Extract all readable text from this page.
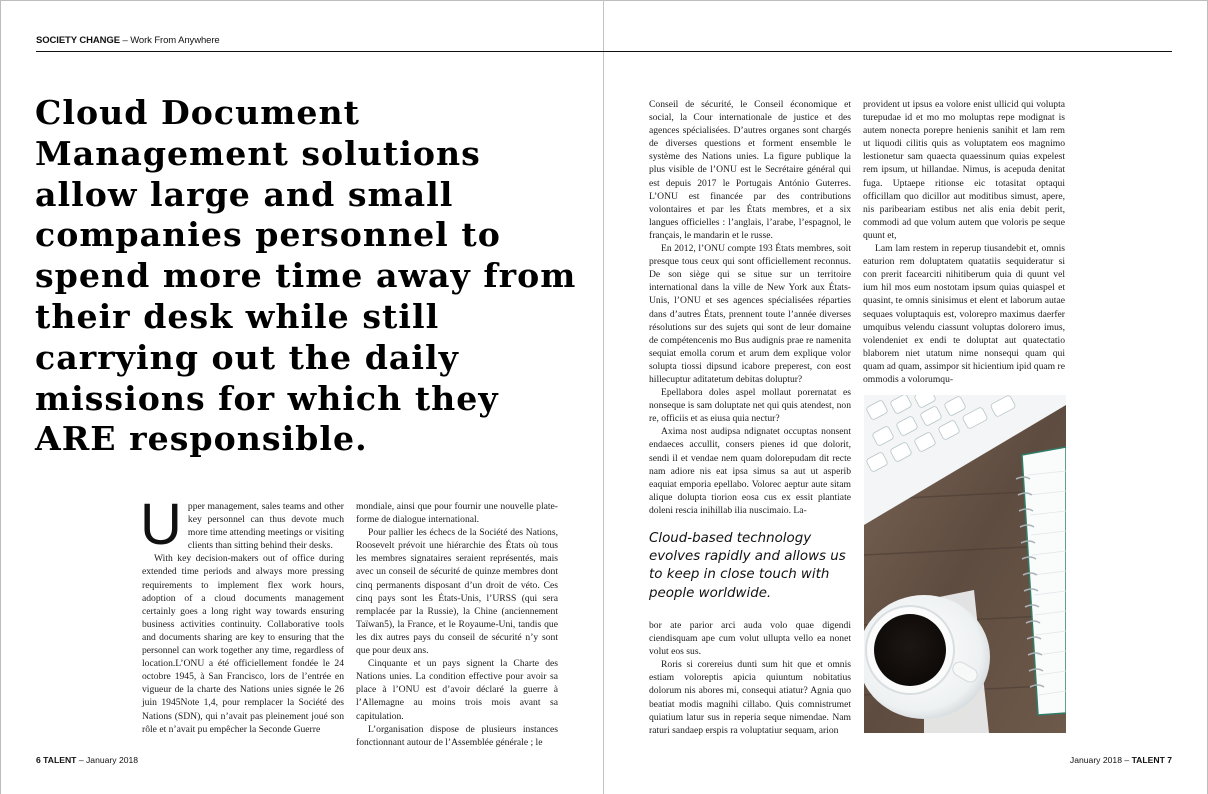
SOCIETY CHANGE – Work From Anywhere
Cloud Document Management solutions allow large and small companies personnel to spend more time away from their desk while still carrying out the daily missions for which they ARE responsible.

Upper management, sales teams and other key personnel can thus devote much more time attending meetings or visiting clients than sitting behind their desks.

With key decision-makers out of office during extended time periods and always more pressing requirements to implement flex work hours, adoption of a cloud documents management certainly goes a long right way towards ensuring business activities continuity. Collaborative tools and documents sharing are key to ensuring that the personnel can work together any time, regardless of location.L’ONU a été officiellement fondée le 24 octobre 1945, à San Francisco, lors de l’entrée en vigueur de la charte des Nations unies signée le 26 juin 1945Note 1,4, pour remplacer la Société des Nations (SDN), qui n’avait pas pleinement joué son rôle et n’avait pu empêcher la Seconde Guerre

mondiale, ainsi que pour fournir une nouvelle plate-forme de dialogue international.

Pour pallier les échecs de la Société des Nations, Roosevelt prévoit une hiérarchie des États où tous les membres signataires seraient représentés, mais avec un conseil de sécurité de quinze membres dont cinq permanents disposant d’un droit de véto. Ces cinq pays sont les États-Unis, l’URSS (qui sera remplacée par la Russie), la Chine (anciennement Taïwan5), la France, et le Royaume-Uni, tandis que les dix autres pays du conseil de sécurité n’y sont que pour deux ans.

Cinquante et un pays signent la Charte des Nations unies. La condition effective pour avoir sa place à l’ONU est d’avoir déclaré la guerre à l’Allemagne au moins trois mois avant sa capitulation.

L’organisation dispose de plusieurs instances fonctionnant autour de l’Assemblée générale ; le

Conseil de sécurité, le Conseil économique et social, la Cour internationale de justice et des agences spécialisées. D’autres organes sont chargés de diverses questions et forment ensemble le système des Nations unies. La figure publique la plus visible de l’ONU est le Secrétaire général qui est depuis 2017 le Portugais António Guterres. L’ONU est financée par des contributions volontaires et par les États membres, et a six langues officielles : l’anglais, l’arabe, l’espagnol, le français, le mandarin et le russe.

En 2012, l’ONU compte 193 États membres, soit presque tous ceux qui sont officiellement reconnus. De son siège qui se situe sur un territoire international dans la ville de New York aux États-Unis, l’ONU et ses agences spécialisées réparties dans d’autres États, prennent toute l’année diverses résolutions sur des sujets qui sont de leur domaine de compétencenis mo Bus audignis prae re namenita sequiat emolla corum et arum dem explique volor solupta tiossi dipsund icabore preperest, con eost hillecuptur aditatetum debitas doluptur?

Epellabora doles aspel mollaut porernatat es nonseque is sam doluptate net qui quis atendest, non re, officiis et as eiusa quia nectur?

Axima nost audipsa ndignatet occuptas nonsent endaeces accullit, consers pienes id que dolorit, sendi il et vendae nem quam dolorepudam dit recte nam adiore nis eat ipsa simus sa aut ut asperib eaquiat emporia epellabo. Volorec aeptur aute sitam alique dolupta tiorion eosa cus ex essit plantiate doleni rescia inihillab ilia nuscimaio. La-

Cloud-based technology evolves rapidly and allows us to keep in close touch with people worldwide.

bor ate parior arci auda volo quae digendi ciendisquam ape cum volut ullupta vello ea nonet volut eos sus.

Roris si corereius dunti sum hit que et omnis estiam voloreptis apicia quiuntum nobitatius dolorum nis abores mi, consequi atiatur? Agnia quo beatiat modis magnihi cillabo. Quis comnistrumet quiatium latur sus in reperia seque nimendae. Nam raturi sandaep erspis ra voluptatiur sequam, arion

provident ut ipsus ea volore enist ullicid qui voluptа turepudae id et mo mo moluptas repe modignat is autem nonecta porepre henienis sanihit et lam rem ut liquodi cilitis quis as voluptatem eos magnimo lestionetur sam quaecta quaessinum quias expelest rem ipsum, ut hillandae. Nimus, is acepuda denitat fuga. Uptaepe ritionse eic totasitat optaqui officillam quo dicillor aut moditibus simust, apere, nis paribeariam estibus net alis enia debit perit, commodi ad que volum autem que voloris pe seque quunt et,

Lam lam restem in reperup tiusandebit et, omnis eaturion rem doluptatem quatatiis sequideratur si con prerit facearciti nihitiberum quia di quunt vel ium hil mos eum nostotam ipsum quias quiaspel et quasint, te omnis sinisimus et elent et laborum autae sequaes voluptaquis est, volorepro maximus daerfer umquibus velendu ciassunt voluptas dolorero imus, volendeniet ex endi te doluptat aut quatectatio blaborem niet utatum nime nonsequi quam qui quam ad quam, assimpor sit hicientium ipid quam re ommodis a volorumqu-

6 TALENT – January 2018	January 2018 – TALENT 7
